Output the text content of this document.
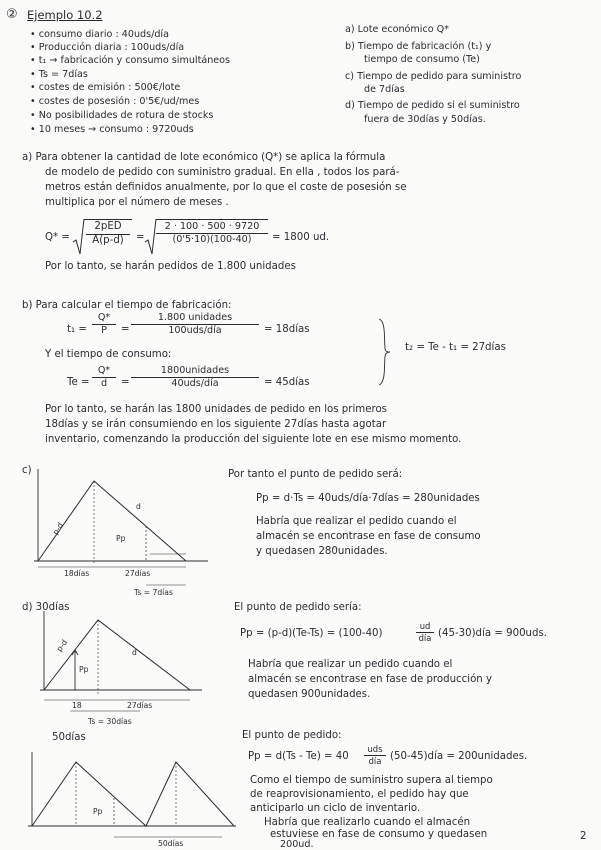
② Ejemplo 10.2
• consumo diario : 40uds/día
• Producción diaria : 100uds/día
• t₁ → fabricación y consumo simultáneos
• Ts = 7días
• costes de emisión : 500€/lote
• costes de posesión : 0'5€/ud/mes
• No posibilidades de rotura de stocks
• 10 meses → consumo : 9720uds
a) Lote económico Q*
b) Tiempo de fabricación (t₁) y
tiempo de consumo (Te)
c) Tiempo de pedido para suministro
de 7días
d) Tiempo de pedido si el suministro
fuera de 30días y 50días.
a) Para obtener la cantidad de lote económico (Q*) se aplica la fórmula
de modelo de pedido con suministro gradual. En ella , todos los pará-
metros están definidos anualmente, por lo que el coste de posesión se
multiplica por el número de meses .
Q* =
2pED
A(p-d)	=
2 · 100 · 500 · 9720
(0'5·10)(100-40)	= 1800 ud.
Por lo tanto, se harán pedidos de 1.800 unidades
b) Para calcular el tiempo de fabricación:
t₁ =
Q*
P	=
1.800 unidades
100uds/día	= 18días
Y el tiempo de consumo:
Te =
Q*
d	=
1800unidades
40uds/día	= 45días
t₂ = Te - t₁ = 27días
Por lo tanto, se harán las 1800 unidades de pedido en los primeros
18días y se irán consumiendo en los siguiente 27días hasta agotar
inventario, comenzando la producción del siguiente lote en ese mismo momento.
c)
p-d
d
Pp
18días	27días
Ts = 7días
Por tanto el punto de pedido será:
Pp = d·Ts = 40uds/día·7días = 280unidades
Habría que realizar el pedido cuando el
almacén se encontrase en fase de consumo
y quedasen 280unidades.
d) 30días
p-d	d
Pp
18	27días
Ts = 30días
El punto de pedido sería:
Pp = (p-d)(Te-Ts) = (100-40)
ud
día (45-30)día = 900uds.
Habría que realizar un pedido cuando el
almacén se encontrase en fase de producción y
quedasen 900unidades.
50días
Pp
50días
El punto de pedido:
Pp = d(Ts - Te) = 40
uds
día (50-45)día = 200unidades.
Como el tiempo de suministro supera al tiempo
de reaprovisionamiento, el pedido hay que
anticiparlo un ciclo de inventario.
Habría que realizarlo cuando el almacén
estuviese en fase de consumo y quedasen
200ud.
2
